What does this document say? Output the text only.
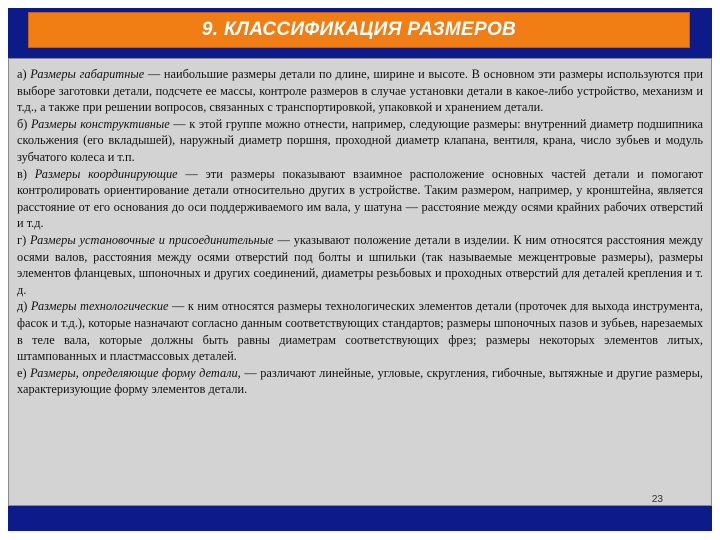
9. КЛАССИФИКАЦИЯ РАЗМЕРОВ

а) Размеры габаритные — наибольшие размеры детали по длине, ширине и высоте. В основном эти размеры используются при выборе заготовки детали, подсчете ее массы, контроле размеров в случае установки детали в какое-либо устройство, механизм и т.д., а также при решении вопросов, связанных с транспортировкой, упаковкой и хранением детали.

б) Размеры конструктивные — к этой группе можно отнести, например, следующие размеры: внутренний диаметр подшипника скольжения (его вкладышей), наружный диаметр поршня, проходной диаметр клапана, вентиля, крана, число зубьев и модуль зубчатого колеса и т.п.

в) Размеры координирующие — эти размеры показывают взаимное расположение основных частей детали и помогают контролировать ориентирование детали относительно других в устройстве. Таким размером, например, у кронштейна, является расстояние от его основания до оси поддерживаемого им вала, у шатуна — расстояние между осями крайних рабочих отверстий и т.д.

г) Размеры установочные и присоединительные — указывают положение детали в изделии. К ним относятся расстояния между осями валов, расстояния между осями отверстий под болты и шпильки (так называемые межцентровые размеры), размеры элементов фланцевых, шпоночных и других соединений, диаметры резьбовых и проходных отверстий для деталей крепления и т. д.

д) Размеры технологические — к ним относятся размеры технологических элементов детали (проточек для выхода инструмента, фасок и т.д.), которые назначают согласно данным соответствующих стандартов; размеры шпоночных пазов и зубьев, нарезаемых в теле вала, которые должны быть равны диаметрам соответствующих фрез; размеры некоторых элементов литых, штампованных и пластмассовых деталей.

е) Размеры, определяющие форму детали, — различают линейные, угловые, скругления, гибочные, вытяжные и другие размеры, характеризующие форму элементов детали.

23
